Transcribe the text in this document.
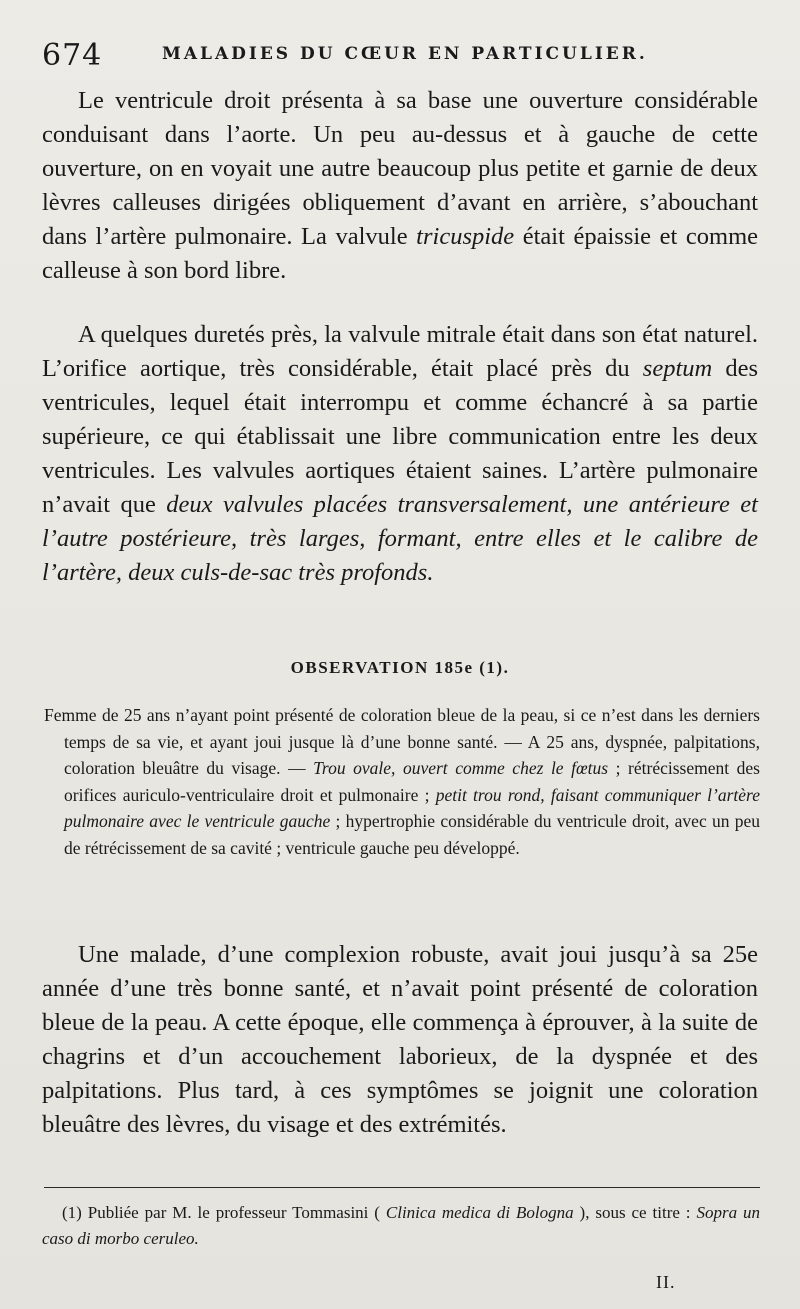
674	MALADIES DU CŒUR EN PARTICULIER.

Le ventricule droit présenta à sa base une ouverture considérable conduisant dans l’aorte. Un peu au-dessus et à gauche de cette ouverture, on en voyait une autre beaucoup plus petite et garnie de deux lèvres calleuses dirigées obliquement d’avant en arrière, s’abouchant dans l’artère pulmonaire. La valvule tricuspide était épaissie et comme calleuse à son bord libre.

A quelques duretés près, la valvule mitrale était dans son état naturel. L’orifice aortique, très considérable, était placé près du septum des ventricules, lequel était interrompu et comme échancré à sa partie supérieure, ce qui établissait une libre communication entre les deux ventricules. Les valvules aortiques étaient saines. L’artère pulmonaire n’avait que deux valvules placées transversalement, une antérieure et l’autre postérieure, très larges, formant, entre elles et le calibre de l’artère, deux culs-de-sac très profonds.

OBSERVATION 185e (1).

Femme de 25 ans n’ayant point présenté de coloration bleue de la peau, si ce n’est dans les derniers temps de sa vie, et ayant joui jusque là d’une bonne santé. — A 25 ans, dyspnée, palpitations, coloration bleuâtre du visage. — Trou ovale, ouvert comme chez le fœtus ; rétrécissement des orifices auriculo-ventriculaire droit et pulmonaire ; petit trou rond, faisant communiquer l’artère pulmonaire avec le ventricule gauche ; hypertrophie considérable du ventricule droit, avec un peu de rétrécissement de sa cavité ; ventricule gauche peu développé.

Une malade, d’une complexion robuste, avait joui jusqu’à sa 25e année d’une très bonne santé, et n’avait point présenté de coloration bleue de la peau. A cette époque, elle commença à éprouver, à la suite de chagrins et d’un accouchement laborieux, de la dyspnée et des palpitations. Plus tard, à ces symptômes se joignit une coloration bleuâtre des lèvres, du visage et des extrémités.

(1) Publiée par M. le professeur Tommasini ( Clinica medica di Bologna ), sous ce titre : Sopra un caso di morbo ceruleo.

II.
